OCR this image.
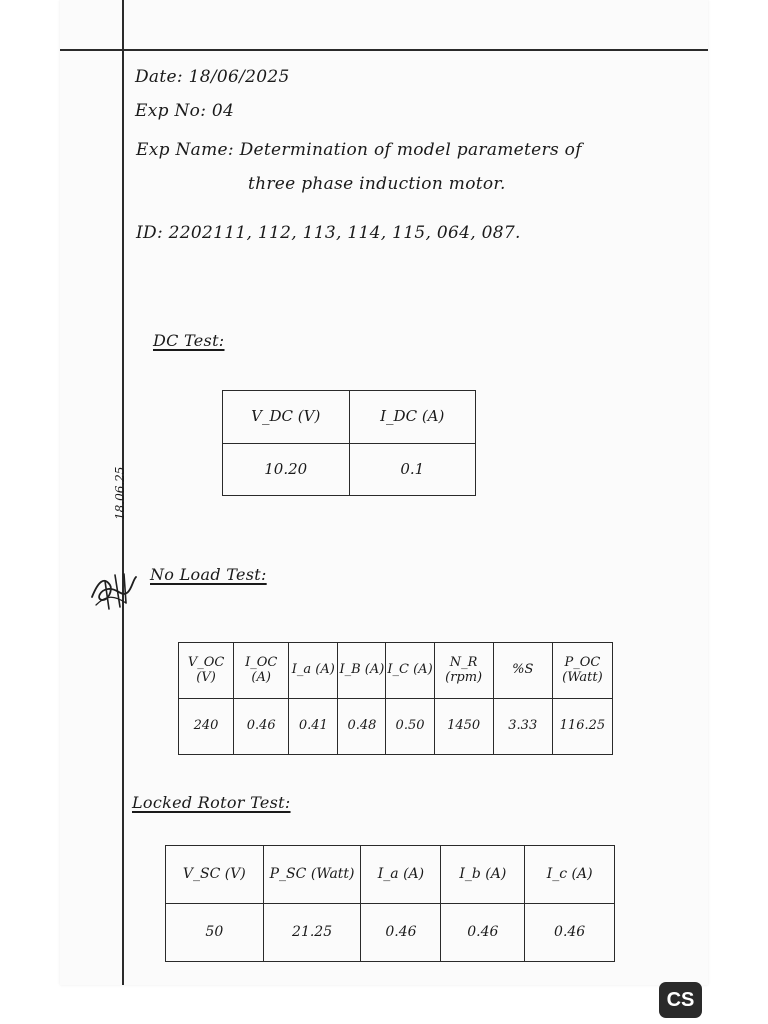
Date: 18/06/2025
Exp No: 04
Exp Name: Determination of model parameters of
three phase induction motor.
ID: 2202111, 112, 113, 114, 115, 064, 087.
DC Test:
V_DC (V)	I_DC (A)
10.20	0.1
18.06.25
No Load Test:
V_OC (V)	I_OC (A)	I_a (A)	I_B (A)	I_C (A)	N_R (rpm)	%S	P_OC (Watt)
240	0.46	0.41	0.48	0.50	1450	3.33	116.25
Locked Rotor Test:
V_SC (V)	P_SC (Watt)	I_a (A)	I_b (A)	I_c (A)
50	21.25	0.46	0.46	0.46
CS
